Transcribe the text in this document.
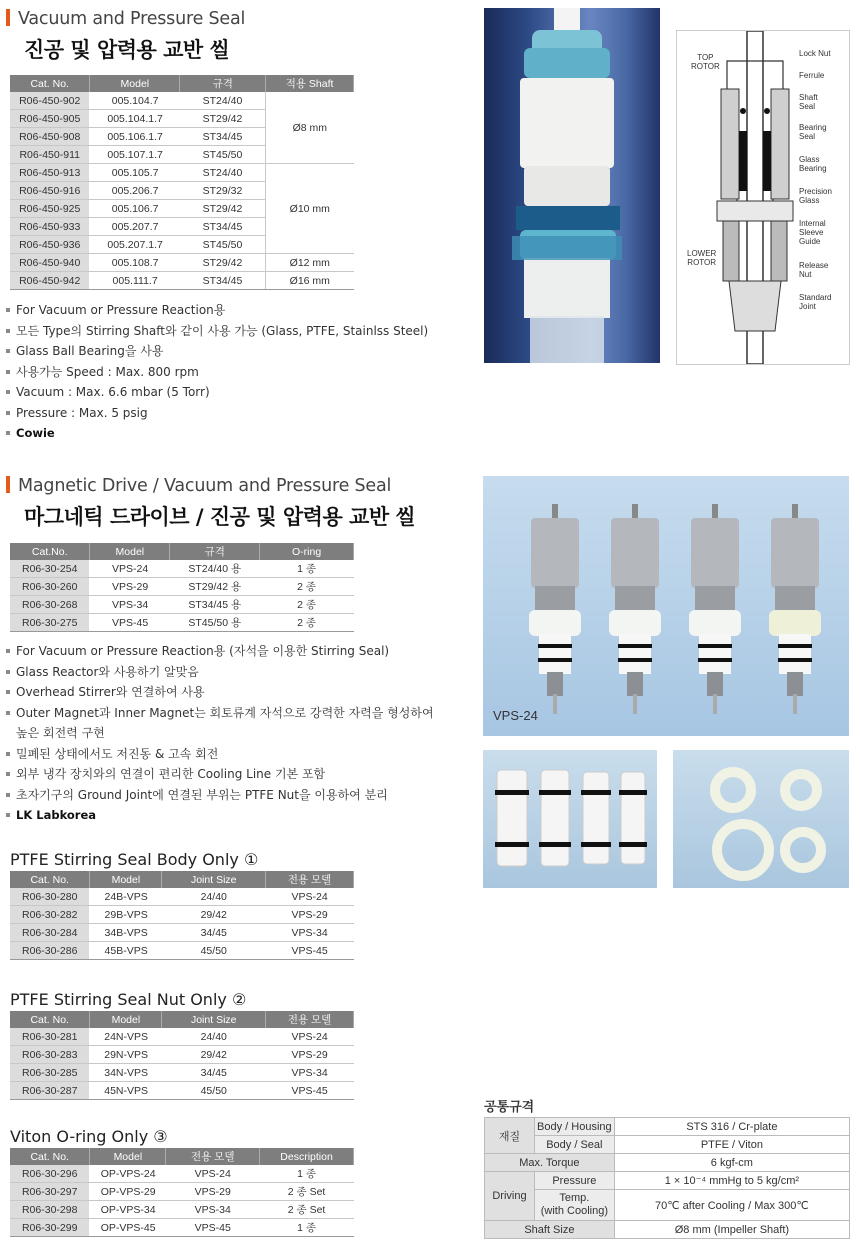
Vacuum and Pressure Seal
진공 및 압력용 교반 씰
Cat. No.	Model	규격	적용 Shaft
R06-450-902	005.104.7	ST24/40	Ø8 mm
R06-450-905	005.104.1.7	ST29/42	
R06-450-908	005.106.1.7	ST34/45	
R06-450-911	005.107.1.7	ST45/50	
R06-450-913	005.105.7	ST24/40	Ø10 mm
R06-450-916	005.206.7	ST29/32	
R06-450-925	005.106.7	ST29/42	
R06-450-933	005.207.7	ST34/45	
R06-450-936	005.207.1.7	ST45/50	
R06-450-940	005.108.7	ST29/42	Ø12 mm
R06-450-942	005.111.7	ST34/45	Ø16 mm
For Vacuum or Pressure Reaction용
모든 Type의 Stirring Shaft와 같이 사용 가능 (Glass, PTFE, Stainlss Steel)
Glass Ball Bearing을 사용
사용가능 Speed : Max. 800 rpm
Vacuum : Max. 6.6 mbar (5 Torr)
Pressure : Max. 5 psig
Cowie
TOP
ROTOR
LOWER
ROTOR
Lock Nut
Ferrule
Shaft
Seal
Bearing
Seal
Glass
Bearing
Precision
Glass
Internal
Sleeve
Guide
Release
Nut
Standard
Joint
Magnetic Drive / Vacuum and Pressure Seal
마그네틱 드라이브 / 진공 및 압력용 교반 씰
Cat.No.	Model	규격	O-ring
R06-30-254	VPS-24	ST24/40 용	1 종
R06-30-260	VPS-29	ST29/42 용	2 종
R06-30-268	VPS-34	ST34/45 용	2 종
R06-30-275	VPS-45	ST45/50 용	2 종
For Vacuum or Pressure Reaction용 (자석을 이용한 Stirring Seal)
Glass Reactor와 사용하기 알맞음
Overhead Stirrer와 연결하여 사용
Outer Magnet과 Inner Magnet는 회토류계 자석으로 강력한 자력을 형성하여
높은 회전력 구현
밀폐된 상태에서도 저진동 & 고속 회전
외부 냉각 장치와의 연결이 편리한 Cooling Line 기본 포함
초자기구의 Ground Joint에 연결된 부위는 PTFE Nut을 이용하여 분리
LK Labkorea
VPS-24
PTFE Stirring Seal Body Only ①
Cat. No.	Model	Joint Size	전용 모델
R06-30-280	24B-VPS	24/40	VPS-24
R06-30-282	29B-VPS	29/42	VPS-29
R06-30-284	34B-VPS	34/45	VPS-34
R06-30-286	45B-VPS	45/50	VPS-45
PTFE Stirring Seal Nut Only ②
Cat. No.	Model	Joint Size	전용 모델
R06-30-281	24N-VPS	24/40	VPS-24
R06-30-283	29N-VPS	29/42	VPS-29
R06-30-285	34N-VPS	34/45	VPS-34
R06-30-287	45N-VPS	45/50	VPS-45
Viton O-ring Only ③
Cat. No.	Model	전용 모델	Description
R06-30-296	OP-VPS-24	VPS-24	1 종
R06-30-297	OP-VPS-29	VPS-29	2 종 Set
R06-30-298	OP-VPS-34	VPS-34	2 종 Set
R06-30-299	OP-VPS-45	VPS-45	1 종
공통규격
재질	Body / Housing	STS 316 / Cr-plate
	Body / Seal	PTFE / Viton
Max. Torque		6 kgf-cm
Driving	Pressure	1 × 10⁻⁴ mmHg to 5 kg/cm²

	Temp.
(with Cooling)	70℃ after Cooling / Max 300℃
Shaft Size		Ø8 mm (Impeller Shaft)
